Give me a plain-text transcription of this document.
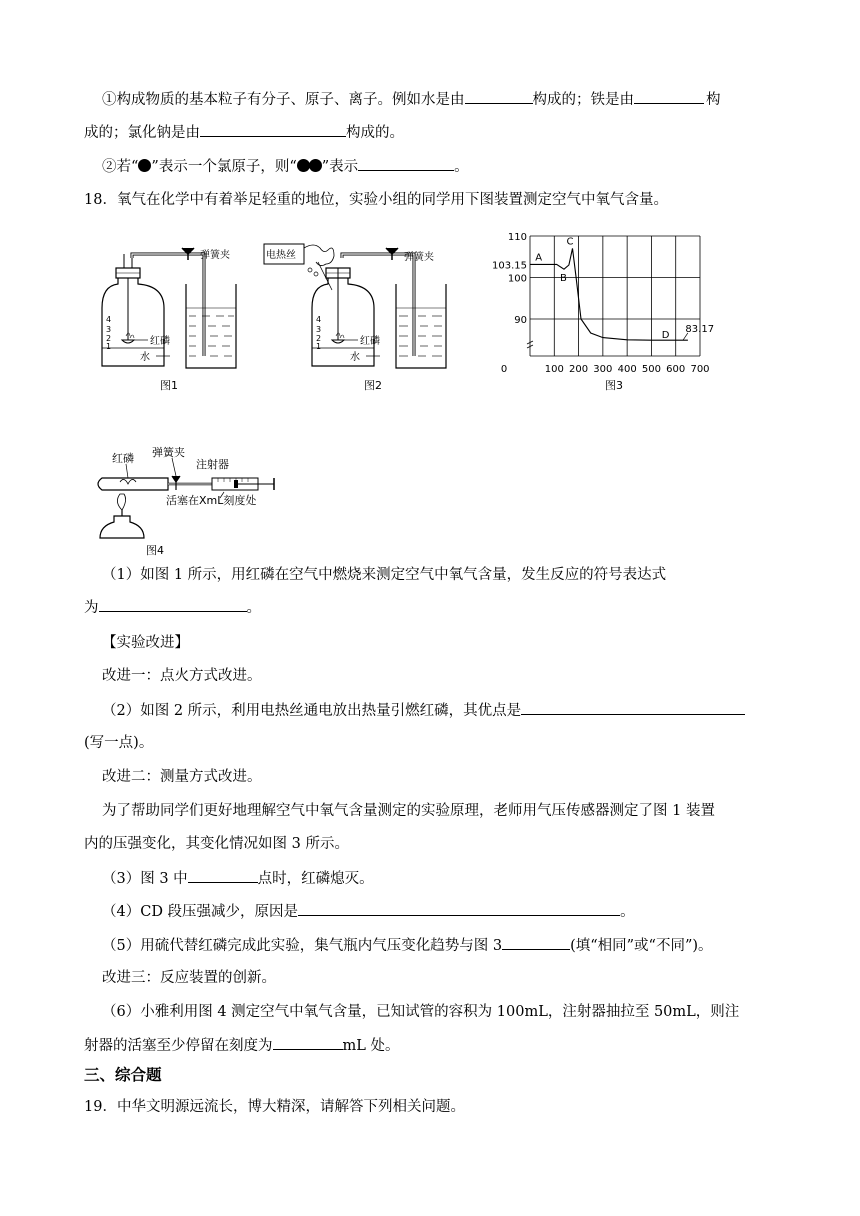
①构成物质的基本粒子有分子、原子、离子。例如水是由	构成的；铁是由	构
成的；氯化钠是由	构成的。
②若“ ”表示一个氯原子，则“ ”表示	。
18．氧气在化学中有着举足轻重的地位，实验小组的同学用下图装置测定空气中氧气含量。
4
3
2
1
弹簧夹
红磷
水
图1
电热丝
4
3
2
1
弹簧夹
红磷
水
图2
110
103.15
100
90
0	100 200 300 400 500 600 700
A
B
C
D
83.17
图3
红磷 弹簧夹
注射器
活塞在XmL刻度处
图4
（1）如图 1 所示，用红磷在空气中燃烧来测定空气中氧气含量，发生反应的符号表达式
为	。
【实验改进】
改进一：点火方式改进。
（2）如图 2 所示，利用电热丝通电放出热量引燃红磷，其优点是
(写一点)。
改进二：测量方式改进。
为了帮助同学们更好地理解空气中氧气含量测定的实验原理，老师用气压传感器测定了图 1 装置
内的压强变化，其变化情况如图 3 所示。
（3）图 3 中	点时，红磷熄灭。
（4）CD 段压强减少，原因是	。
（5）用硫代替红磷完成此实验，集气瓶内气压变化趋势与图 3	(填“相同”或“不同”)。
改进三：反应装置的创新。
（6）小雅利用图 4 测定空气中氧气含量，已知试管的容积为 100mL，注射器抽拉至 50mL，则注
射器的活塞至少停留在刻度为	mL 处。
三、综合题
19．中华文明源远流长，博大精深，请解答下列相关问题。
